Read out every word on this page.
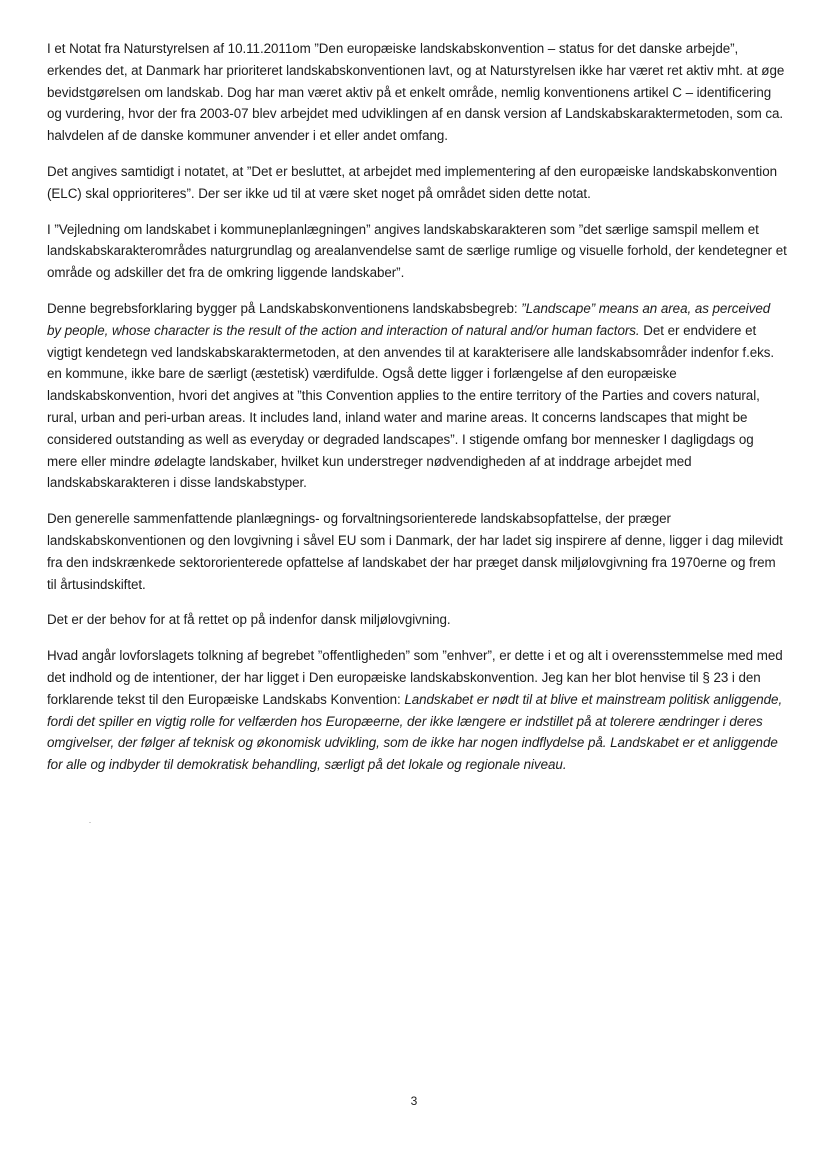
I et Notat fra Naturstyrelsen af 10.11.2011om ”Den europæiske landskabskonvention – status for det danske arbejde”, erkendes det, at Danmark har prioriteret landskabskonventionen lavt, og at Naturstyrelsen ikke har været ret aktiv mht. at øge bevidstgørelsen om landskab. Dog har man været aktiv på et enkelt område, nemlig konventionens artikel C – identificering og vurdering, hvor der fra 2003-07 blev arbejdet med udviklingen af en dansk version af Landskabskaraktermetoden, som ca. halvdelen af de danske kommuner anvender i et eller andet omfang.

Det angives samtidigt i notatet, at ”Det er besluttet, at arbejdet med implementering af den europæiske landskabskonvention (ELC) skal opprioriteres”. Der ser ikke ud til at være sket noget på området siden dette notat.

I ”Vejledning om landskabet i kommuneplanlægningen” angives landskabskarakteren som ”det særlige samspil mellem et landskabskarakterområdes naturgrundlag og arealanvendelse samt de særlige rumlige og visuelle forhold, der kendetegner et område og adskiller det fra de omkring liggende landskaber”.

Denne begrebsforklaring bygger på Landskabskonventionens landskabsbegreb: ”Landscape” means an area, as perceived by people, whose character is the result of the action and interaction of natural and/or human factors. Det er endvidere et vigtigt kendetegn ved landskabskaraktermetoden, at den anvendes til at karakterisere alle landskabsområder indenfor f.eks. en kommune, ikke bare de særligt (æstetisk) værdifulde. Også dette ligger i forlængelse af den europæiske landskabskonvention, hvori det angives at ”this Convention applies to the entire territory of the Parties and covers natural, rural, urban and peri-urban areas. It includes land, inland water and marine areas. It concerns landscapes that might be considered outstanding as well as everyday or degraded landscapes”. I stigende omfang bor mennesker I dagligdags og mere eller mindre ødelagte landskaber, hvilket kun understreger nødvendigheden af at inddrage arbejdet med landskabskarakteren i disse landskabstyper.

Den generelle sammenfattende planlægnings- og forvaltningsorienterede landskabsopfattelse, der præger landskabskonventionen og den lovgivning i såvel EU som i Danmark, der har ladet sig inspirere af denne, ligger i dag milevidt fra den indskrænkede sektororienterede opfattelse af landskabet der har præget dansk miljølovgivning fra 1970erne og frem til årtusindskiftet.

Det er der behov for at få rettet op på indenfor dansk miljølovgivning.

Hvad angår lovforslagets tolkning af begrebet ”offentligheden” som ”enhver”, er dette i et og alt i overensstemmelse med med det indhold og de intentioner, der har ligget i Den europæiske landskabskonvention. Jeg kan her blot henvise til § 23 i den forklarende tekst til den Europæiske Landskabs Konvention: Landskabet er nødt til at blive et mainstream politisk anliggende, fordi det spiller en vigtig rolle for velfærden hos Europæerne, der ikke længere er indstillet på at tolerere ændringer i deres omgivelser, der følger af teknisk og økonomisk udvikling, som de ikke har nogen indflydelse på. Landskabet er et anliggende for alle og indbyder til demokratisk behandling, særligt på det lokale og regionale niveau.

3
